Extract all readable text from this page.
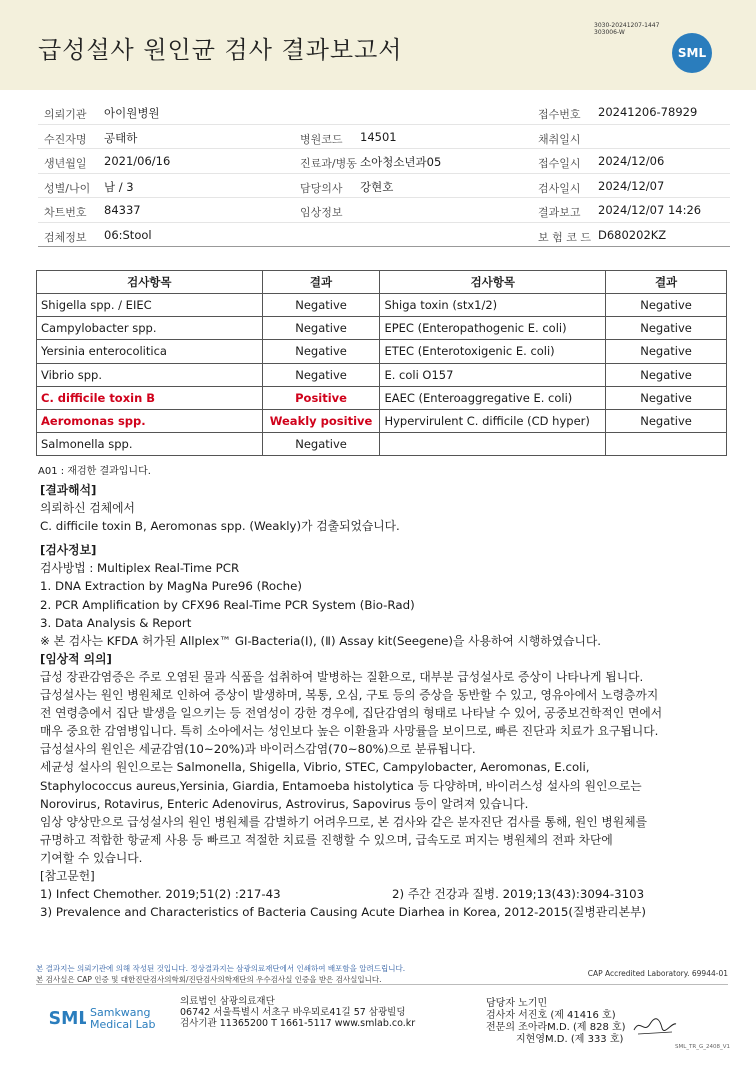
급성설사 원인균 검사 결과보고서
3030-20241207-1447
303006-W
SML
의뢰기관 아이원병원	접수번호 20241206-78929
수진자명 공태하	병원코드 14501	채취일시
생년월일 2021/06/16	진료과/병동 소아청소년과05	접수일시 2024/12/06
성별/나이 남 / 3	담당의사 강현호	검사일시 2024/12/07
차트번호 84337	임상정보	결과보고 2024/12/07 14:26
검체정보 06:Stool	보 험 코 드 D680202KZ
검사항목	결과	검사항목	결과
Shigella spp. / EIEC	Negative	Shiga toxin (stx1/2)	Negative
Campylobacter spp.	Negative	EPEC (Enteropathogenic E. coli)	Negative
Yersinia enterocolitica	Negative	ETEC (Enterotoxigenic E. coli)	Negative
Vibrio spp.	Negative	E. coli O157	Negative
C. difficile toxin B	Positive	EAEC (Enteroaggregative E. coli)	Negative
Aeromonas spp.	Weakly positive	Hypervirulent C. difficile (CD hyper)	Negative
Salmonella spp.	Negative		
A01 : 재검한 결과입니다.
[결과해석]
의뢰하신 검체에서
C. difficile toxin B, Aeromonas spp. (Weakly)가 검출되었습니다.
[검사정보]
검사방법 : Multiplex Real-Time PCR
1. DNA Extraction by MagNa Pure96 (Roche)
2. PCR Amplification by CFX96 Real-Time PCR System (Bio-Rad)
3. Data Analysis & Report
※ 본 검사는 KFDA 허가된 Allplex™ GI-Bacteria(Ⅰ), (Ⅱ) Assay kit(Seegene)을 사용하여 시행하였습니다.
[임상적 의의]
급성 장관감염증은 주로 오염된 물과 식품을 섭취하여 발병하는 질환으로, 대부분 급성설사로 증상이 나타나게 됩니다.
급성설사는 원인 병원체로 인하여 증상이 발생하며, 복통, 오심, 구토 등의 증상을 동반할 수 있고, 영유아에서 노령층까지
전 연령층에서 집단 발생을 일으키는 등 전염성이 강한 경우에, 집단감염의 형태로 나타날 수 있어, 공중보건학적인 면에서
매우 중요한 감염병입니다. 특히 소아에서는 성인보다 높은 이환율과 사망률을 보이므로, 빠른 진단과 치료가 요구됩니다.
급성설사의 원인은 세균감염(10~20%)과 바이러스감염(70~80%)으로 분류됩니다.
세균성 설사의 원인으로는 Salmonella, Shigella, Vibrio, STEC, Campylobacter, Aeromonas, E.coli,
Staphylococcus aureus,Yersinia, Giardia, Entamoeba histolytica 등 다양하며, 바이러스성 설사의 원인으로는
Norovirus, Rotavirus, Enteric Adenovirus, Astrovirus, Sapovirus 등이 알려져 있습니다.
임상 양상만으로 급성설사의 원인 병원체를 감별하기 어려우므로, 본 검사와 같은 분자진단 검사를 통해, 원인 병원체를
규명하고 적합한 항균제 사용 등 빠르고 적절한 치료를 진행할 수 있으며, 급속도로 퍼지는 병원체의 전파 차단에
기여할 수 있습니다.
[참고문헌]
1) Infect Chemother. 2019;51(2) :217-43	2) 주간 건강과 질병. 2019;13(43):3094-3103
3) Prevalence and Characteristics of Bacteria Causing Acute Diarhea in Korea, 2012-2015(질병관리본부)
본 결과지는 의뢰기관에 의해 작성된 것입니다. 정상결과지는 삼광의료재단에서 인쇄하여 배포함을 알려드립니다.
본 검사실은 CAP 인증 및 대한진단검사의학회/진단검사의학재단의 우수검사실 인증을 받은 검사실입니다.
CAP Accredited Laboratory. 69944-01
SML Samkwang
Medical Lab
의료법인 삼광의료재단
06742 서울특별시 서초구 바우뫼로41길 57 삼광빌딩
검사기관 11365200 T 1661-5117 www.smlab.co.kr
담당자 노기민
검사자 서진호 (제 41416 호)
전문의 조아라M.D. (제 828 호)
지현영M.D. (제 333 호)
SML_TR_G_2408_V1
